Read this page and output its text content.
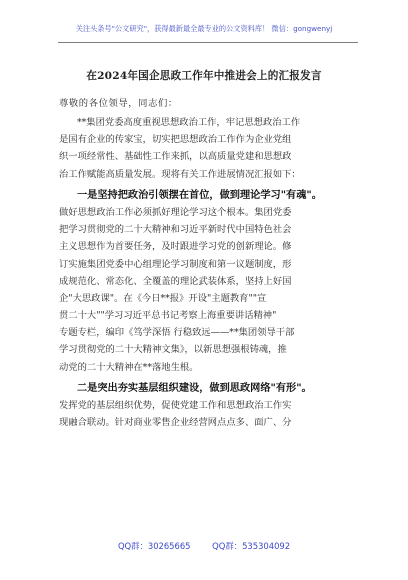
关注头条号"公文研究"，获得最新最全最专业的公文资料库！ 微信：gongwenyj
在2024年国企思政工作年中推进会上的汇报发言
尊敬的各位领导，同志们：
**集团党委高度重视思想政治工作，牢记思想政治工作
是国有企业的传家宝，切实把思想政治工作作为企业党组
织一项经常性、基础性工作来抓，以高质量党建和思想政
治工作赋能高质量发展。现将有关工作进展情况汇报如下：
一是坚持把政治引领摆在首位，做到理论学习"有魂"。
做好思想政治工作必须抓好理论学习这个根本。集团党委
把学习贯彻党的二十大精神和习近平新时代中国特色社会
主义思想作为首要任务，及时跟进学习党的创新理论。修
订实施集团党委中心组理论学习制度和第一议题制度，形
成规范化、常态化、全覆盖的理论武装体系，坚持上好国
企"大思政课"。在《今日**报》开设"主题教育""宣
贯二十大""学习习近平总书记考察上海重要讲话精神"
专题专栏，编印《笃学深悟 行稳致远——**集团领导干部
学习贯彻党的二十大精神文集》，以新思想强根铸魂，推
动党的二十大精神在**落地生根。
二是突出夯实基层组织建设，做到思政网络"有形"。
发挥党的基层组织优势，促使党建工作和思想政治工作实
现融合联动。针对商业零售企业经营网点点多、面广、分
QQ群：30265665	QQ群：535304092
